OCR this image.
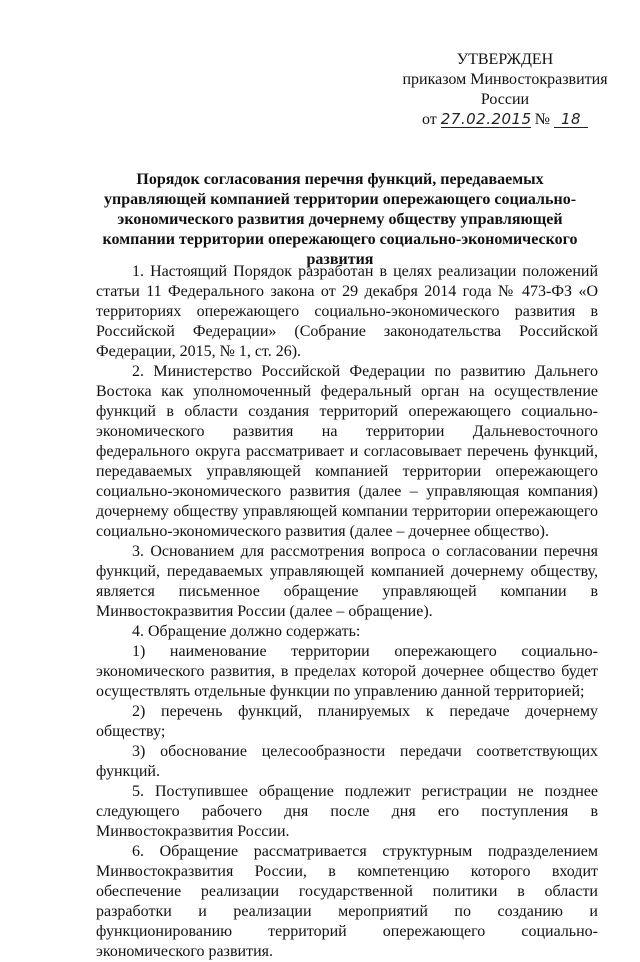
УТВЕРЖДЕН
приказом Минвостокразвития
России
от 27.02.2015 № 18
Порядок согласования перечня функций, передаваемых управляющей компанией территории опережающего социально-экономического развития дочернему обществу управляющей компании территории опережающего социально-экономического развития

1. Настоящий Порядок разработан в целях реализации положений статьи 11 Федерального закона от 29 декабря 2014 года № 473-ФЗ «О территориях опережающего социально-экономического развития в Российской Федерации» (Собрание законодательства Российской Федерации, 2015, № 1, ст. 26).

2. Министерство Российской Федерации по развитию Дальнего Востока как уполномоченный федеральный орган на осуществление функций в области создания территорий опережающего социально-экономического развития на территории Дальневосточного федерального округа рассматривает и согласовывает перечень функций, передаваемых управляющей компанией территории опережающего социально-экономического развития (далее – управляющая компания) дочернему обществу управляющей компании территории опережающего социально-экономического развития (далее – дочернее общество).

3. Основанием для рассмотрения вопроса о согласовании перечня функций, передаваемых управляющей компанией дочернему обществу, является письменное обращение управляющей компании в Минвостокразвития России (далее – обращение).

4. Обращение должно содержать:

1) наименование территории опережающего социально-экономического развития, в пределах которой дочернее общество будет осуществлять отдельные функции по управлению данной территорией;

2) перечень функций, планируемых к передаче дочернему обществу;

3) обоснование целесообразности передачи соответствующих функций.

5. Поступившее обращение подлежит регистрации не позднее следующего рабочего дня после дня его поступления в Минвостокразвития России.

6. Обращение рассматривается структурным подразделением Минвостокразвития России, в компетенцию которого входит обеспечение реализации государственной политики в области разработки и реализации мероприятий по созданию и функционированию территорий опережающего социально-экономического развития.
